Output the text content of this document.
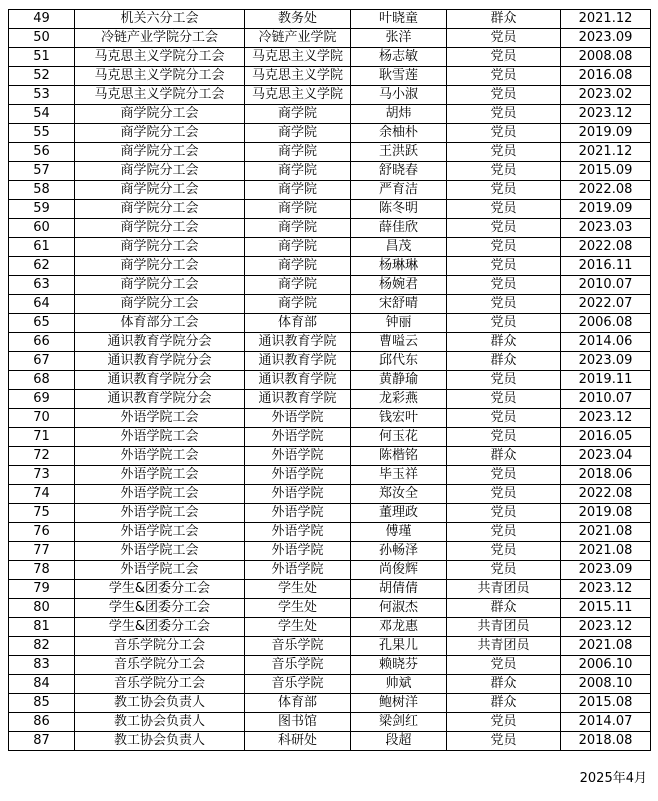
49	机关六分工会	教务处	叶晓童	群众	2021.12
50	冷链产业学院分工会	冷链产业学院	张洋	党员	2023.09
51	马克思主义学院分工会	马克思主义学院	杨志敏	党员	2008.08
52	马克思主义学院分工会	马克思主义学院	耿雪莲	党员	2016.08
53	马克思主义学院分工会	马克思主义学院	马小淑	党员	2023.02
54	商学院分工会	商学院	胡炜	党员	2023.12
55	商学院分工会	商学院	余柚朴	党员	2019.09
56	商学院分工会	商学院	王洪跃	党员	2021.12
57	商学院分工会	商学院	舒晓春	党员	2015.09
58	商学院分工会	商学院	严育洁	党员	2022.08
59	商学院分工会	商学院	陈冬明	党员	2019.09
60	商学院分工会	商学院	薛佳欣	党员	2023.03
61	商学院分工会	商学院	昌茂	党员	2022.08
62	商学院分工会	商学院	杨琳琳	党员	2016.11
63	商学院分工会	商学院	杨婉君	党员	2010.07
64	商学院分工会	商学院	宋舒晴	党员	2022.07
65	体育部分工会	体育部	钟丽	党员	2006.08
66	通识教育学院分会	通识教育学院	曹嗌云	群众	2014.06
67	通识教育学院分会	通识教育学院	邱代东	群众	2023.09
68	通识教育学院分会	通识教育学院	黄静瑜	党员	2019.11
69	通识教育学院分会	通识教育学院	龙彩燕	党员	2010.07
70	外语学院工会	外语学院	钱宏叶	党员	2023.12
71	外语学院工会	外语学院	何玉花	党员	2016.05
72	外语学院工会	外语学院	陈楷铭	群众	2023.04
73	外语学院工会	外语学院	毕玉祥	党员	2018.06
74	外语学院工会	外语学院	郑汝全	党员	2022.08
75	外语学院工会	外语学院	董理政	党员	2019.08
76	外语学院工会	外语学院	傅瑾	党员	2021.08
77	外语学院工会	外语学院	孙畅泽	党员	2021.08
78	外语学院工会	外语学院	尚俊辉	党员	2023.09
79	学生&团委分工会	学生处	胡倩倩	共青团员	2023.12
80	学生&团委分工会	学生处	何淑杰	群众	2015.11
81	学生&团委分工会	学生处	邓龙惠	共青团员	2023.12
82	音乐学院分工会	音乐学院	孔果儿	共青团员	2021.08
83	音乐学院分工会	音乐学院	赖晓芬	党员	2006.10
84	音乐学院分工会	音乐学院	帅斌	群众	2008.10
85	教工协会负责人	体育部	鲍树洋	群众	2015.08
86	教工协会负责人	图书馆	梁剑红	党员	2014.07
87	教工协会负责人	科研处	段超	党员	2018.08
2025年4月
